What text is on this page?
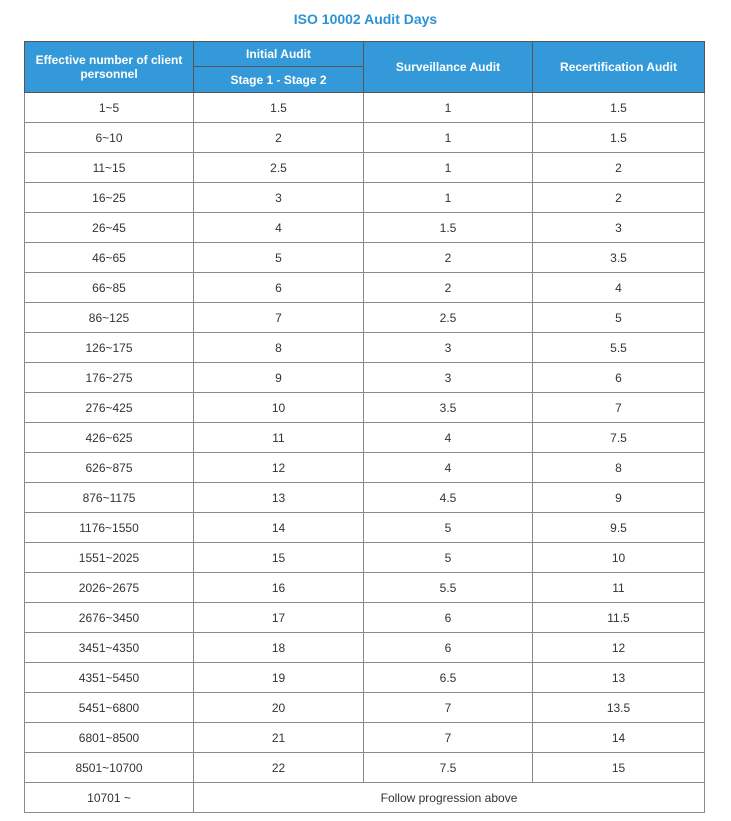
ISO 10002 Audit Days
Effective number of client personnel	Initial Audit	Surveillance Audit	Recertification Audit
	Stage 1 - Stage 2		
1~5	1.5	1	1.5
6~10	2	1	1.5
11~15	2.5	1	2
16~25	3	1	2
26~45	4	1.5	3
46~65	5	2	3.5
66~85	6	2	4
86~125	7	2.5	5
126~175	8	3	5.5
176~275	9	3	6
276~425	10	3.5	7
426~625	11	4	7.5
626~875	12	4	8
876~1175	13	4.5	9
1176~1550	14	5	9.5
1551~2025	15	5	10
2026~2675	16	5.5	11
2676~3450	17	6	11.5
3451~4350	18	6	12
4351~5450	19	6.5	13
5451~6800	20	7	13.5
6801~8500	21	7	14
8501~10700	22	7.5	15
10701 ~	Follow progression above		
